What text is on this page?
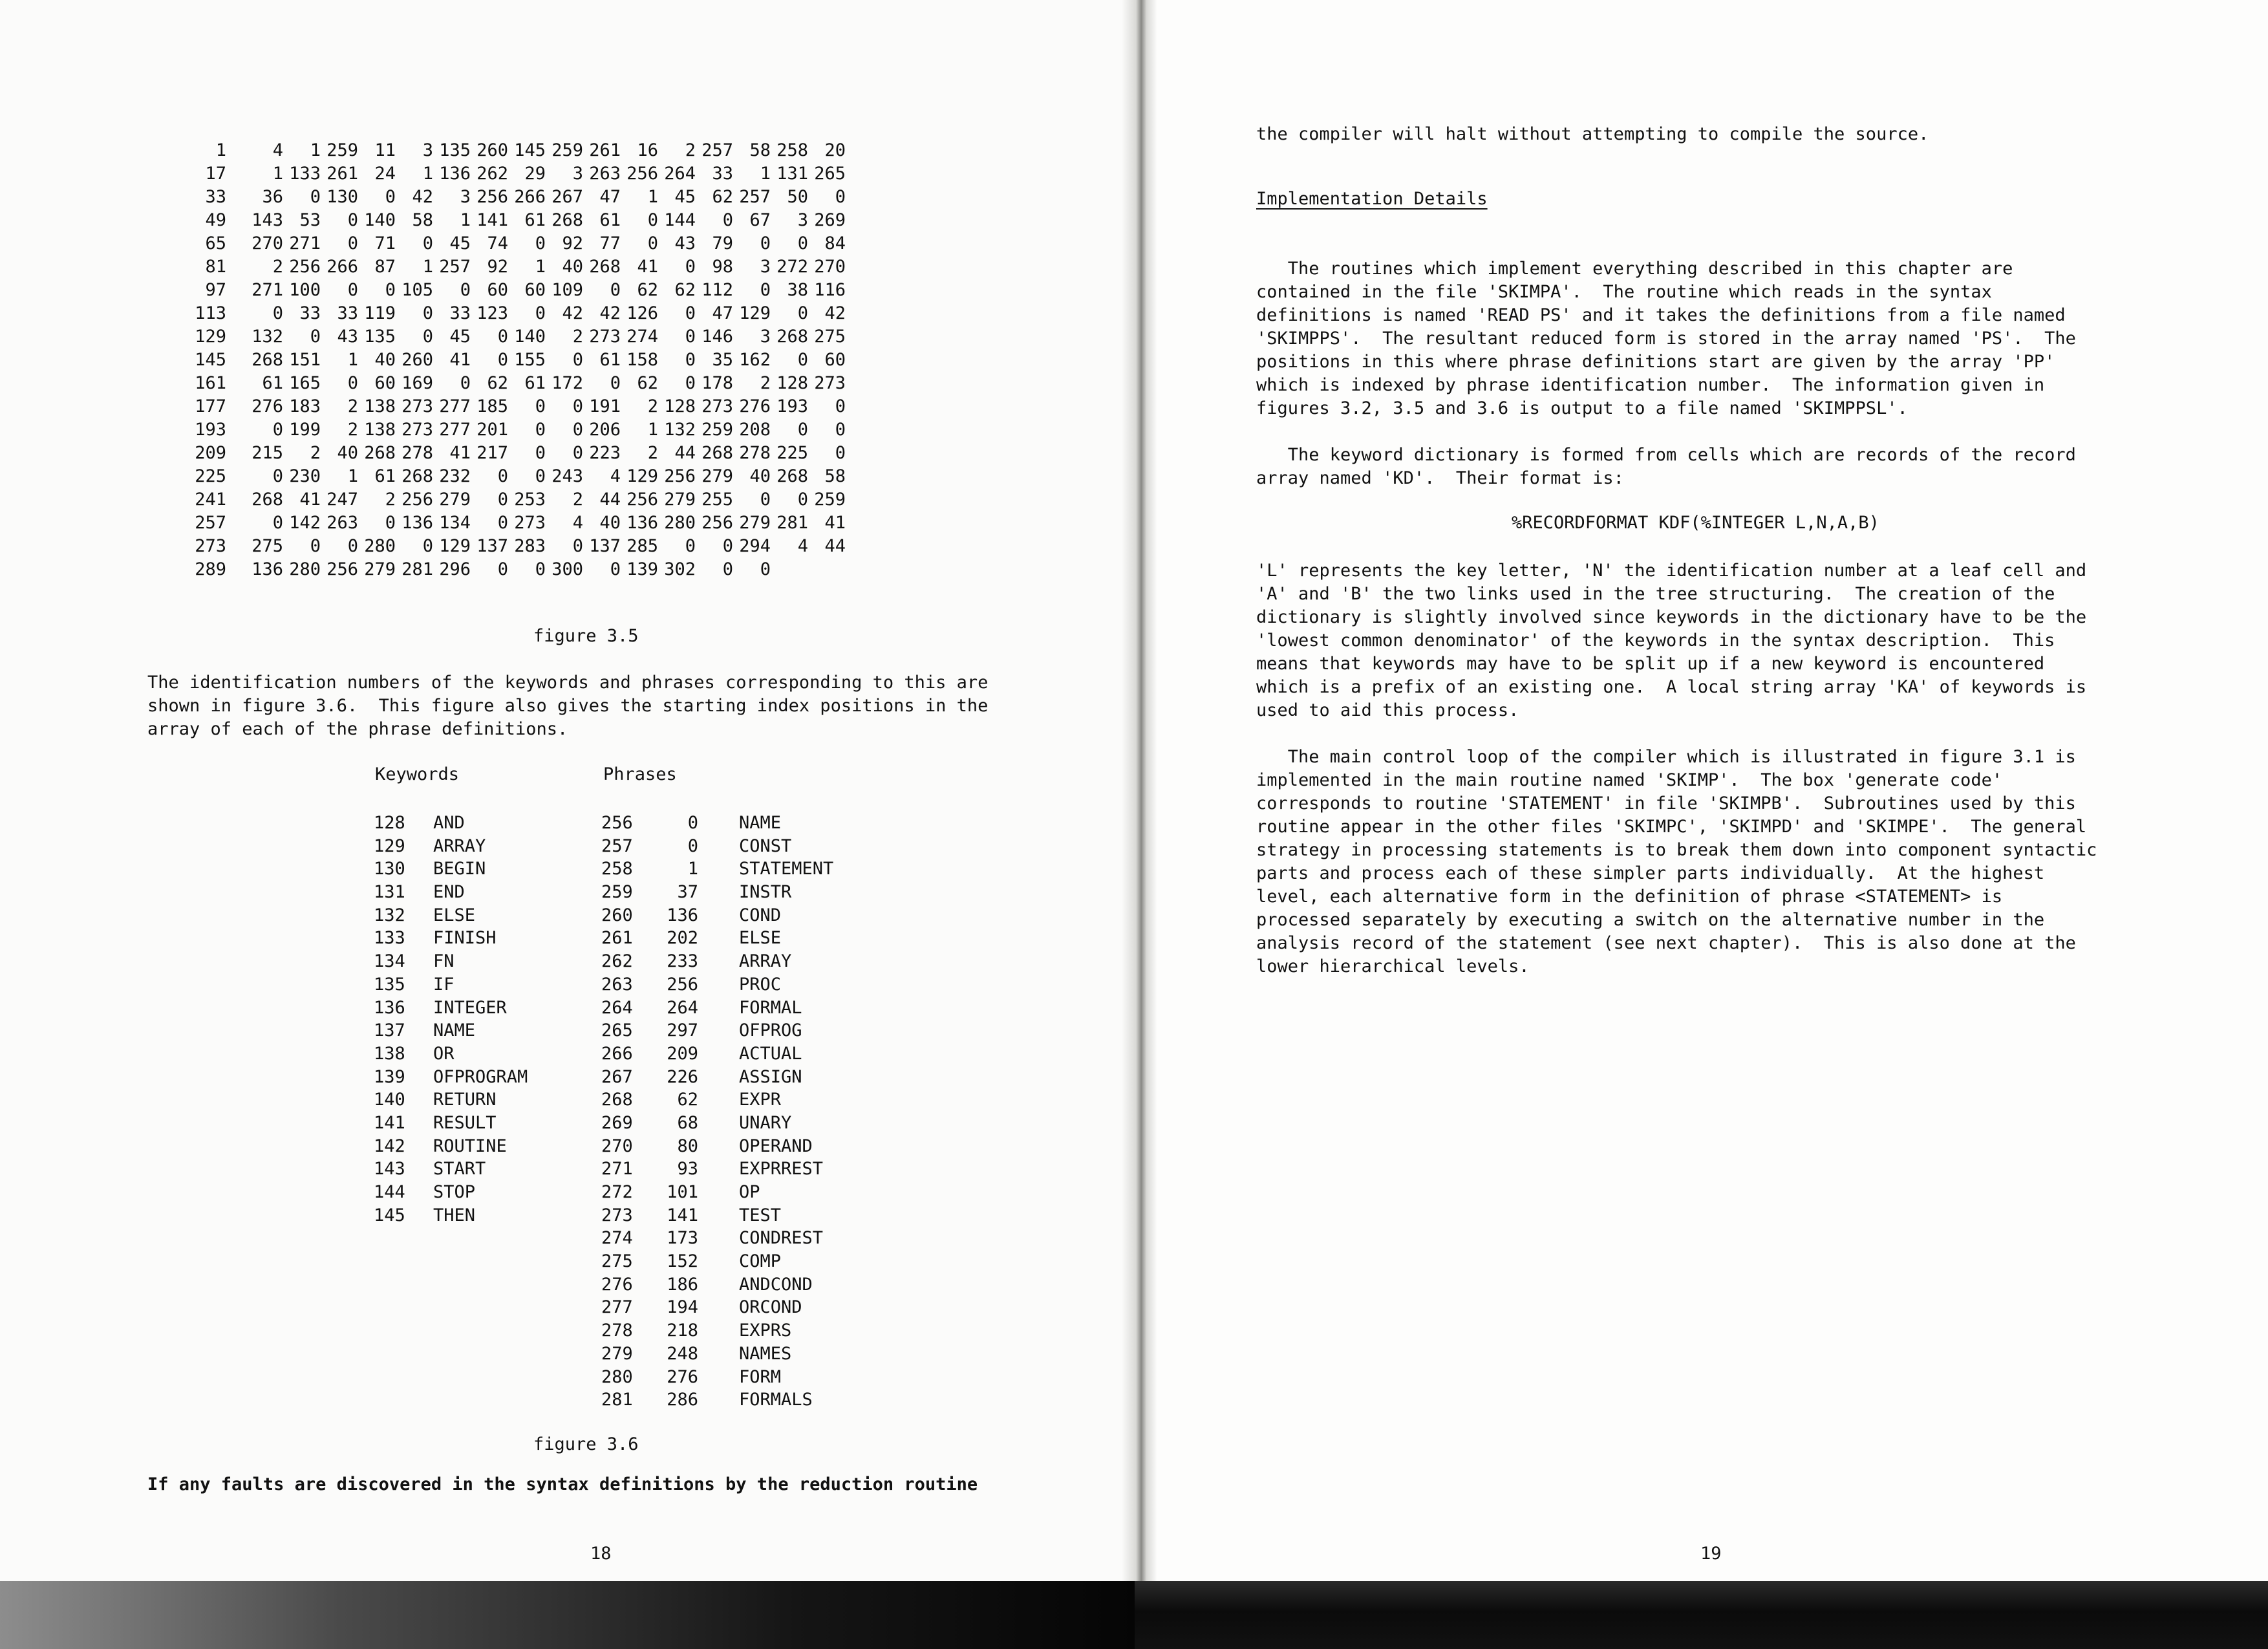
1	4	1	259	11	3	135	260	145	259	261	16	2	257	58	258	20
17	1	133	261	24	1	136	262	29	3	263	256	264	33	1	131	265
33	36	0	130	0	42	3	256	266	267	47	1	45	62	257	50	0
49	143	53	0	140	58	1	141	61	268	61	0	144	0	67	3	269
65	270	271	0	71	0	45	74	0	92	77	0	43	79	0	0	84
81	2	256	266	87	1	257	92	1	40	268	41	0	98	3	272	270
97	271	100	0	0	105	0	60	60	109	0	62	62	112	0	38	116
113	0	33	33	119	0	33	123	0	42	42	126	0	47	129	0	42
129	132	0	43	135	0	45	0	140	2	273	274	0	146	3	268	275
145	268	151	1	40	260	41	0	155	0	61	158	0	35	162	0	60
161	61	165	0	60	169	0	62	61	172	0	62	0	178	2	128	273
177	276	183	2	138	273	277	185	0	0	191	2	128	273	276	193	0
193	0	199	2	138	273	277	201	0	0	206	1	132	259	208	0	0
209	215	2	40	268	278	41	217	0	0	223	2	44	268	278	225	0
225	0	230	1	61	268	232	0	0	243	4	129	256	279	40	268	58
241	268	41	247	2	256	279	0	253	2	44	256	279	255	0	0	259
257	0	142	263	0	136	134	0	273	4	40	136	280	256	279	281	41
273	275	0	0	280	0	129	137	283	0	137	285	0	0	294	4	44
289	136	280	256	279	281	296	0	0	300	0	139	302	0	0		
figure 3.5
The identification numbers of the keywords and phrases corresponding to this are
shown in figure 3.6.  This figure also gives the starting index positions in the
array of each of the phrase definitions.
Keywords	Phrases
128	AND
129	ARRAY
130	BEGIN
131	END
132	ELSE
133	FINISH
134	FN
135	IF
136	INTEGER
137	NAME
138	OR
139	OFPROGRAM
140	RETURN
141	RESULT
142	ROUTINE
143	START
144	STOP
145	THEN
256	0 NAME
257	0 CONST
258	1 STATEMENT
259	37 INSTR
260	136 COND
261	202 ELSE
262	233 ARRAY
263	256 PROC
264	264 FORMAL
265	297 OFPROG
266	209 ACTUAL
267	226 ASSIGN
268	62 EXPR
269	68 UNARY
270	80 OPERAND
271	93 EXPRREST
272	101 OP
273	141 TEST
274	173 CONDREST
275	152 COMP
276	186 ANDCOND
277	194 ORCOND
278	218 EXPRS
279	248 NAMES
280	276 FORM
281	286 FORMALS
figure 3.6
If any faults are discovered in the syntax definitions by the reduction routine
18
the compiler will halt without attempting to compile the source.
Implementation Details
The routines which implement everything described in this chapter are
contained in the file 'SKIMPA'.  The routine which reads in the syntax
definitions is named 'READ PS' and it takes the definitions from a file named
'SKIMPPS'.  The resultant reduced form is stored in the array named 'PS'.  The
positions in this where phrase definitions start are given by the array 'PP'
which is indexed by phrase identification number.  The information given in
figures 3.2, 3.5 and 3.6 is output to a file named 'SKIMPPSL'.
The keyword dictionary is formed from cells which are records of the record
array named 'KD'.  Their format is:
%RECORDFORMAT KDF(%INTEGER L,N,A,B)
'L' represents the key letter, 'N' the identification number at a leaf cell and
'A' and 'B' the two links used in the tree structuring.  The creation of the
dictionary is slightly involved since keywords in the dictionary have to be the
'lowest common denominator' of the keywords in the syntax description.  This
means that keywords may have to be split up if a new keyword is encountered
which is a prefix of an existing one.  A local string array 'KA' of keywords is
used to aid this process.
The main control loop of the compiler which is illustrated in figure 3.1 is
implemented in the main routine named 'SKIMP'.  The box 'generate code'
corresponds to routine 'STATEMENT' in file 'SKIMPB'.  Subroutines used by this
routine appear in the other files 'SKIMPC', 'SKIMPD' and 'SKIMPE'.  The general
strategy in processing statements is to break them down into component syntactic
parts and process each of these simpler parts individually.  At the highest
level, each alternative form in the definition of phrase <STATEMENT> is
processed separately by executing a switch on the alternative number in the
analysis record of the statement (see next chapter).  This is also done at the
lower hierarchical levels.
19
